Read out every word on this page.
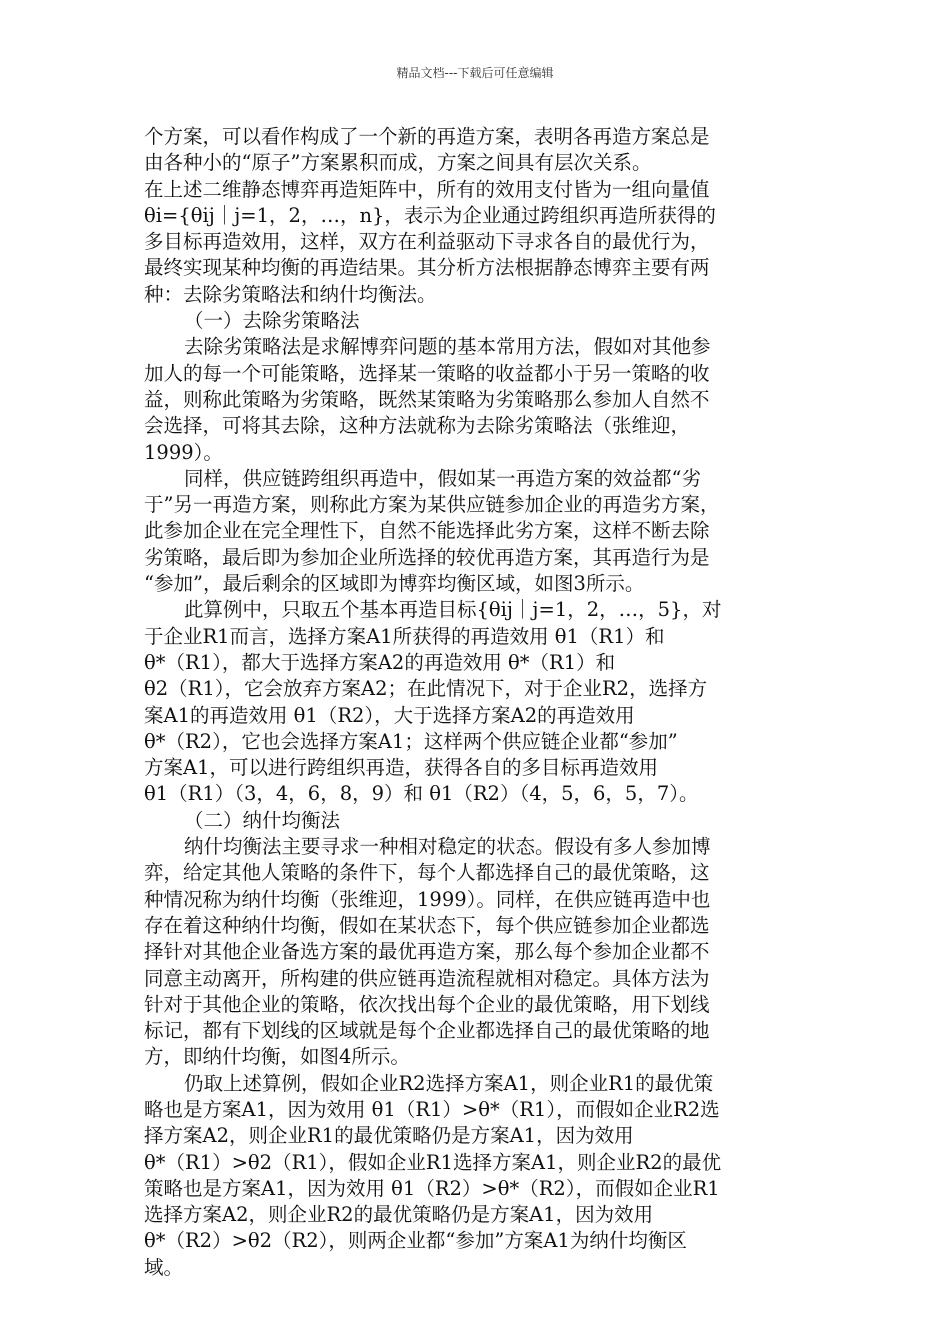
精品文档---下载后可任意编辑
个方案，可以看作构成了一个新的再造方案，表明各再造方案总是
由各种小的“原子”方案累积而成，方案之间具有层次关系。
在上述二维静态博弈再造矩阵中，所有的效用支付皆为一组向量值
θi={θij｜j=1，2，…，n}，表示为企业通过跨组织再造所获得的
多目标再造效用，这样，双方在利益驱动下寻求各自的最优行为，
最终实现某种均衡的再造结果。其分析方法根据静态博弈主要有两
种：去除劣策略法和纳什均衡法。
（一）去除劣策略法
去除劣策略法是求解博弈问题的基本常用方法，假如对其他参
加人的每一个可能策略，选择某一策略的收益都小于另一策略的收
益，则称此策略为劣策略，既然某策略为劣策略那么参加人自然不
会选择，可将其去除，这种方法就称为去除劣策略法（张维迎，
1999）。
同样，供应链跨组织再造中，假如某一再造方案的效益都“劣
于”另一再造方案，则称此方案为某供应链参加企业的再造劣方案，
此参加企业在完全理性下，自然不能选择此劣方案，这样不断去除
劣策略，最后即为参加企业所选择的较优再造方案，其再造行为是
“参加”，最后剩余的区域即为博弈均衡区域，如图3所示。
此算例中，只取五个基本再造目标{θij｜j=1，2，…，5}，对
于企业R1而言，选择方案A1所获得的再造效用 θ1（R1）和
θ*（R1），都大于选择方案A2的再造效用 θ*（R1）和
θ2（R1），它会放弃方案A2；在此情况下，对于企业R2，选择方
案A1的再造效用 θ1（R2），大于选择方案A2的再造效用
θ*（R2），它也会选择方案A1；这样两个供应链企业都“参加”
方案A1，可以进行跨组织再造，获得各自的多目标再造效用
θ1（R1）（3，4，6，8，9）和 θ1（R2）（4，5，6，5，7）。
（二）纳什均衡法
纳什均衡法主要寻求一种相对稳定的状态。假设有多人参加博
弈，给定其他人策略的条件下，每个人都选择自己的最优策略，这
种情况称为纳什均衡（张维迎，1999）。同样，在供应链再造中也
存在着这种纳什均衡，假如在某状态下，每个供应链参加企业都选
择针对其他企业备选方案的最优再造方案，那么每个参加企业都不
同意主动离开，所构建的供应链再造流程就相对稳定。具体方法为
针对于其他企业的策略，依次找出每个企业的最优策略，用下划线
标记，都有下划线的区域就是每个企业都选择自己的最优策略的地
方，即纳什均衡，如图4所示。
仍取上述算例，假如企业R2选择方案A1，则企业R1的最优策
略也是方案A1，因为效用 θ1（R1）>θ*（R1），而假如企业R2选
择方案A2，则企业R1的最优策略仍是方案A1，因为效用
θ*（R1）>θ2（R1），假如企业R1选择方案A1，则企业R2的最优
策略也是方案A1，因为效用 θ1（R2）>θ*（R2），而假如企业R1
选择方案A2，则企业R2的最优策略仍是方案A1，因为效用
θ*（R2）>θ2（R2），则两企业都“参加”方案A1为纳什均衡区
域。
